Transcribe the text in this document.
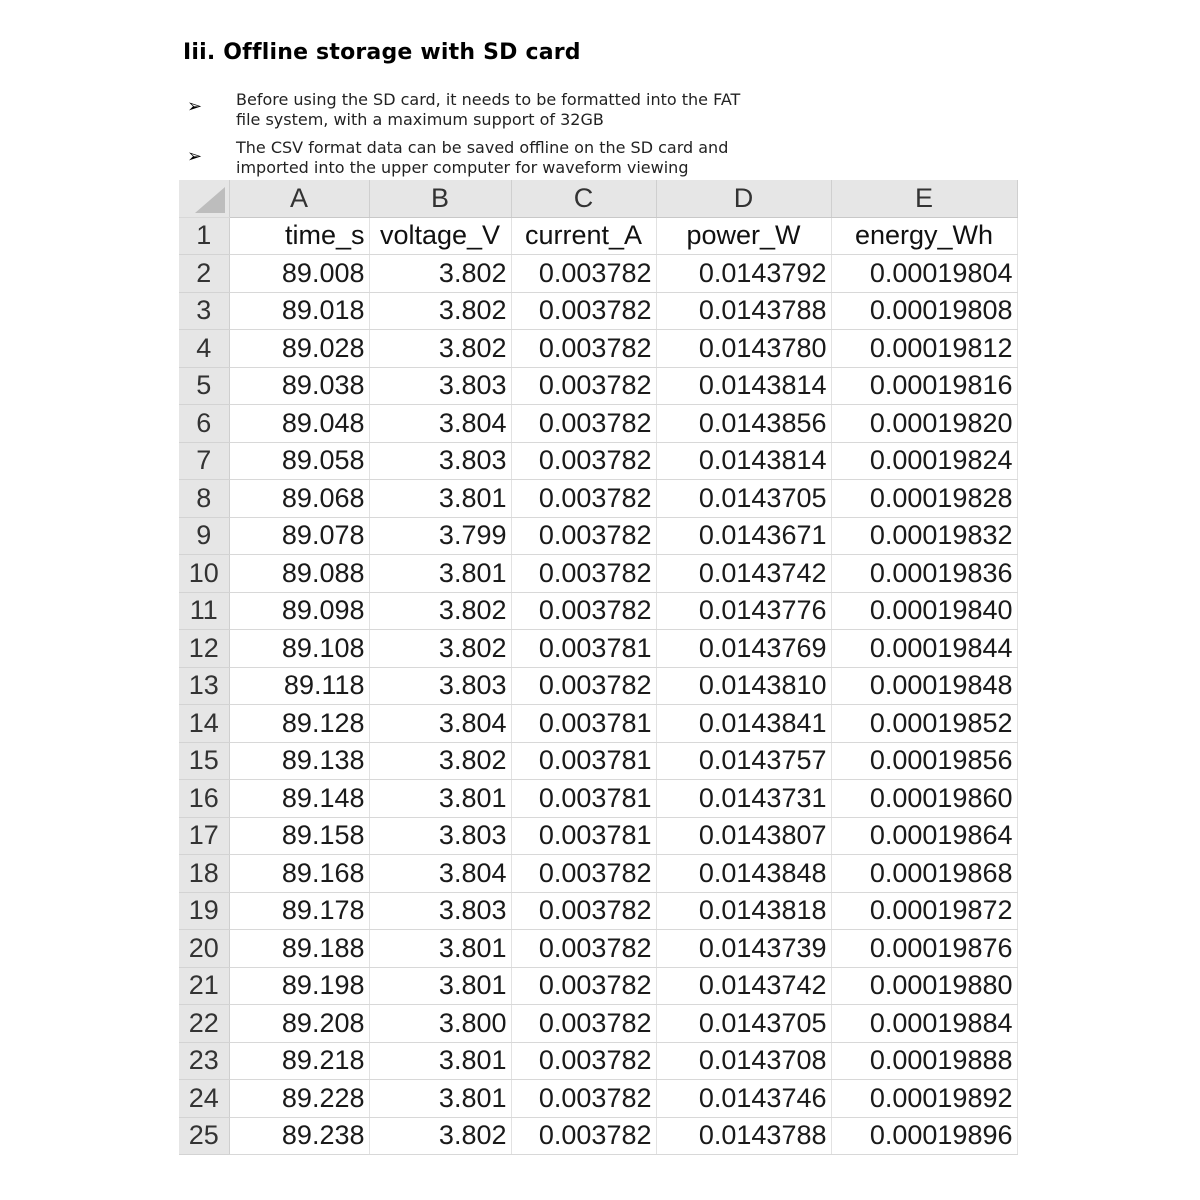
Iii. Offline storage with SD card
➢	Before using the SD card, it needs to be formatted into the FAT
file system, with a maximum support of 32GB
➢	The CSV format data can be saved offline on the SD card and
imported into the upper computer for waveform viewing
	A	B	C	D	E
1	time_s	voltage_V	current_A	power_W	energy_Wh
2	89.008	3.802	0.003782	0.0143792	0.00019804
3	89.018	3.802	0.003782	0.0143788	0.00019808
4	89.028	3.802	0.003782	0.0143780	0.00019812
5	89.038	3.803	0.003782	0.0143814	0.00019816
6	89.048	3.804	0.003782	0.0143856	0.00019820
7	89.058	3.803	0.003782	0.0143814	0.00019824
8	89.068	3.801	0.003782	0.0143705	0.00019828
9	89.078	3.799	0.003782	0.0143671	0.00019832
10	89.088	3.801	0.003782	0.0143742	0.00019836
11	89.098	3.802	0.003782	0.0143776	0.00019840
12	89.108	3.802	0.003781	0.0143769	0.00019844
13	89.118	3.803	0.003782	0.0143810	0.00019848
14	89.128	3.804	0.003781	0.0143841	0.00019852
15	89.138	3.802	0.003781	0.0143757	0.00019856
16	89.148	3.801	0.003781	0.0143731	0.00019860
17	89.158	3.803	0.003781	0.0143807	0.00019864
18	89.168	3.804	0.003782	0.0143848	0.00019868
19	89.178	3.803	0.003782	0.0143818	0.00019872
20	89.188	3.801	0.003782	0.0143739	0.00019876
21	89.198	3.801	0.003782	0.0143742	0.00019880
22	89.208	3.800	0.003782	0.0143705	0.00019884
23	89.218	3.801	0.003782	0.0143708	0.00019888
24	89.228	3.801	0.003782	0.0143746	0.00019892
25	89.238	3.802	0.003782	0.0143788	0.00019896
